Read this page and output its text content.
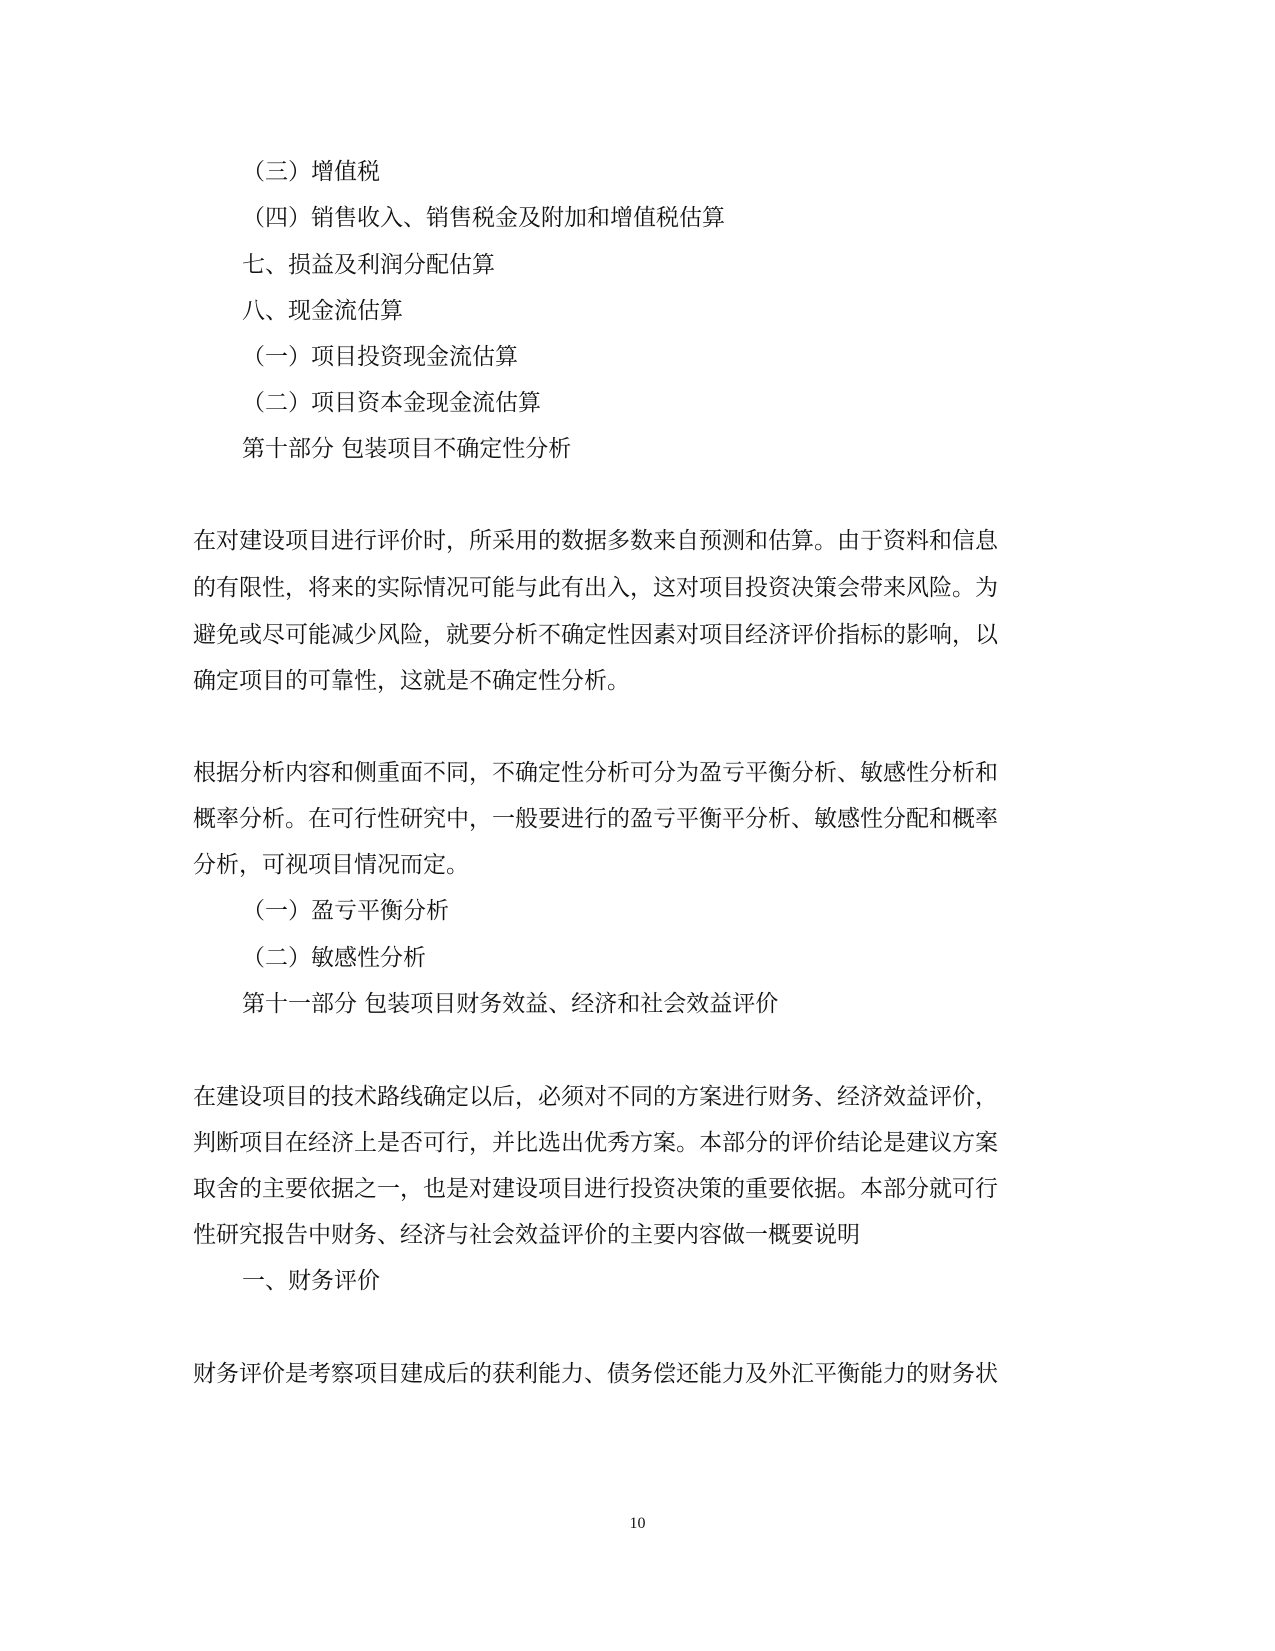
（三）增值税
（四）销售收入、销售税金及附加和增值税估算
七、损益及利润分配估算
八、现金流估算
（一）项目投资现金流估算
（二）项目资本金现金流估算
第十部分 包装项目不确定性分析
在对建设项目进行评价时，所采用的数据多数来自预测和估算。由于资料和信息
的有限性，将来的实际情况可能与此有出入，这对项目投资决策会带来风险。为
避免或尽可能减少风险，就要分析不确定性因素对项目经济评价指标的影响，以
确定项目的可靠性，这就是不确定性分析。
根据分析内容和侧重面不同，不确定性分析可分为盈亏平衡分析、敏感性分析和
概率分析。在可行性研究中，一般要进行的盈亏平衡平分析、敏感性分配和概率
分析，可视项目情况而定。
（一）盈亏平衡分析
（二）敏感性分析
第十一部分 包装项目财务效益、经济和社会效益评价
在建设项目的技术路线确定以后，必须对不同的方案进行财务、经济效益评价，
判断项目在经济上是否可行，并比选出优秀方案。本部分的评价结论是建议方案
取舍的主要依据之一，也是对建设项目进行投资决策的重要依据。本部分就可行
性研究报告中财务、经济与社会效益评价的主要内容做一概要说明
一、财务评价
财务评价是考察项目建成后的获利能力、债务偿还能力及外汇平衡能力的财务状
10
